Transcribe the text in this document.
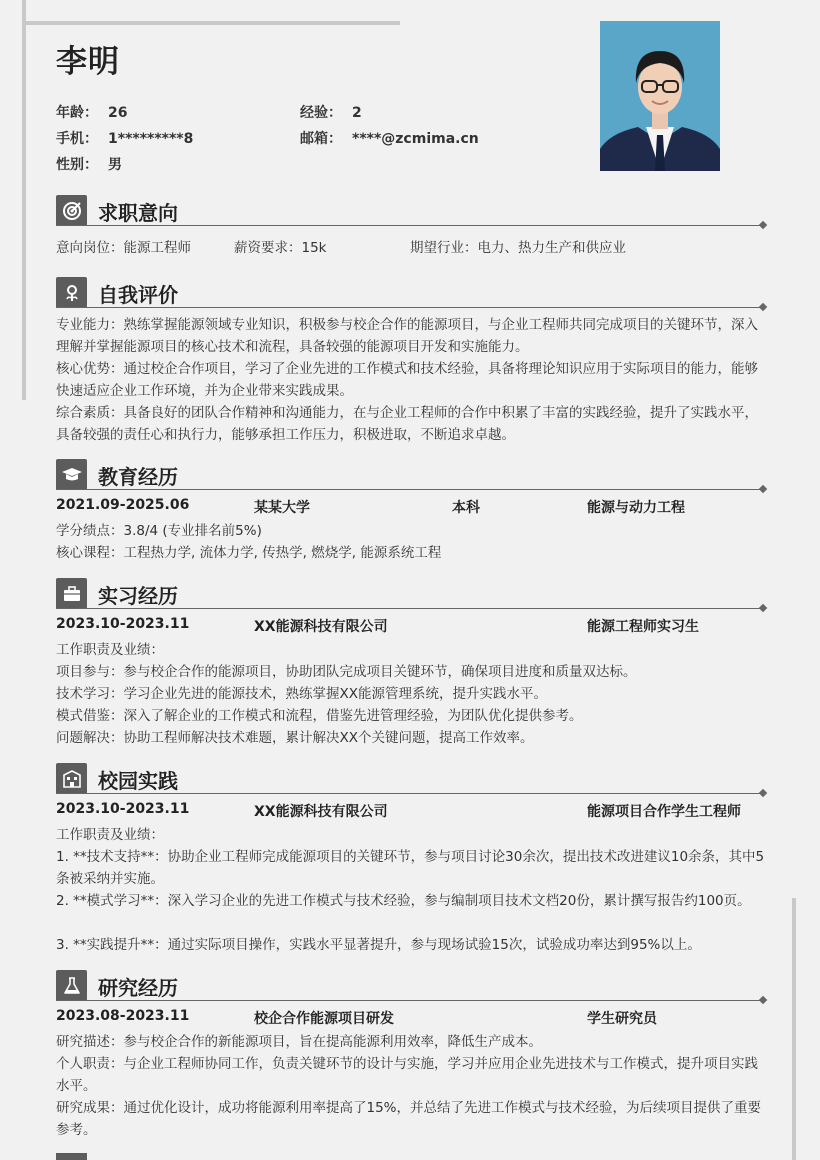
李明
年龄： 26	经验： 2
手机： 1*********8	邮箱： ****@zcmima.cn
性别： 男
求职意向
意向岗位：能源工程师	薪资要求：15k	期望行业：电力、热力生产和供应业
自我评价

专业能力：熟练掌握能源领域专业知识，积极参与校企合作的能源项目，与企业工程师共同完成项目的关键环节，深入理解并掌握能源项目的核心技术和流程，具备较强的能源项目开发和实施能力。

核心优势：通过校企合作项目，学习了企业先进的工作模式和技术经验，具备将理论知识应用于实际项目的能力，能够快速适应企业工作环境，并为企业带来实践成果。

综合素质：具备良好的团队合作精神和沟通能力，在与企业工程师的合作中积累了丰富的实践经验，提升了实践水平，具备较强的责任心和执行力，能够承担工作压力，积极进取，不断追求卓越。

教育经历
2021.09-2025.06	某某大学	本科	能源与动力工程
学分绩点：3.8/4 (专业排名前5%)
核心课程：工程热力学, 流体力学, 传热学, 燃烧学, 能源系统工程
实习经历
2023.10-2023.11	XX能源科技有限公司	能源工程师实习生
工作职责及业绩：
项目参与：参与校企合作的能源项目，协助团队完成项目关键环节，确保项目进度和质量双达标。
技术学习：学习企业先进的能源技术，熟练掌握XX能源管理系统，提升实践水平。
模式借鉴：深入了解企业的工作模式和流程，借鉴先进管理经验，为团队优化提供参考。
问题解决：协助工程师解决技术难题，累计解决XX个关键问题，提高工作效率。
校园实践
2023.10-2023.11	XX能源科技有限公司	能源项目合作学生工程师
工作职责及业绩：

1. **技术支持**：协助企业工程师完成能源项目的关键环节，参与项目讨论30余次，提出技术改进建议10余条，其中5条被采纳并实施。

2. **模式学习**：深入学习企业的先进工作模式与技术经验，参与编制项目技术文档20份，累计撰写报告约100页。

3. **实践提升**：通过实际项目操作，实践水平显著提升，参与现场试验15次，试验成功率达到95%以上。
研究经历
2023.08-2023.11	校企合作能源项目研发	学生研究员
研究描述：参与校企合作的新能源项目，旨在提高能源利用效率，降低生产成本。

个人职责：与企业工程师协同工作，负责关键环节的设计与实施，学习并应用企业先进技术与工作模式，提升项目实践水平。

研究成果：通过优化设计，成功将能源利用率提高了15%，并总结了先进工作模式与技术经验，为后续项目提供了重要参考。
